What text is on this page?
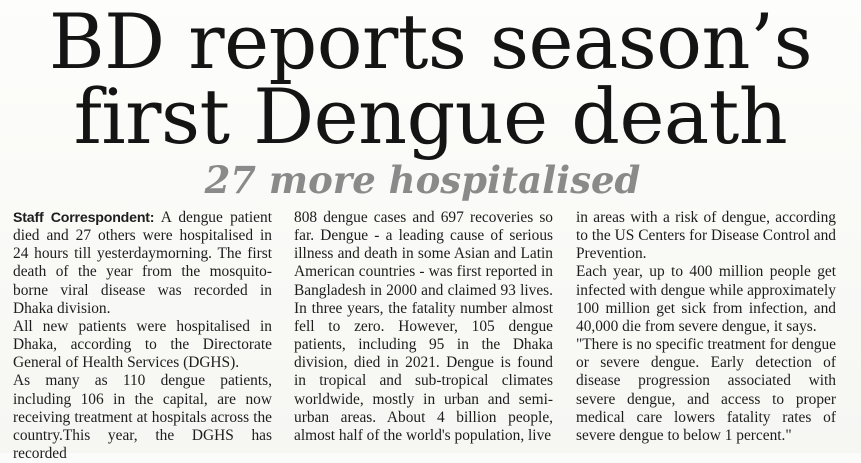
BD reports season’s
first Dengue death
27 more hospitalised

Staff Correspondent: A dengue patient died and 27 others were hospitalised in 24 hours till yesterdaymorning. The first death of the year from the mosquito-borne viral disease was recorded in Dhaka division.

All new patients were hospitalised in Dhaka, according to the Directorate General of Health Services (DGHS).

As many as 110 dengue patients, including 106 in the capital, are now receiving treatment at hospitals across the country.This year, the DGHS has recorded

808 dengue cases and 697 recoveries so far. Dengue - a leading cause of serious illness and death in some Asian and Latin American countries - was first reported in Bangladesh in 2000 and claimed 93 lives. In three years, the fatality number almost fell to zero. However, 105 dengue patients, including 95 in the Dhaka division, died in 2021. Dengue is found in tropical and sub-tropical climates worldwide, mostly in urban and semi-urban areas. About 4 billion people, almost half of the world's population, live

in areas with a risk of dengue, according to the US Centers for Disease Control and Prevention.

Each year, up to 400 million people get infected with dengue while approximately 100 million get sick from infection, and 40,000 die from severe dengue, it says.

"There is no specific treatment for dengue or severe dengue. Early detection of disease progression associated with severe dengue, and access to proper medical care lowers fatality rates of severe dengue to below 1 percent."
